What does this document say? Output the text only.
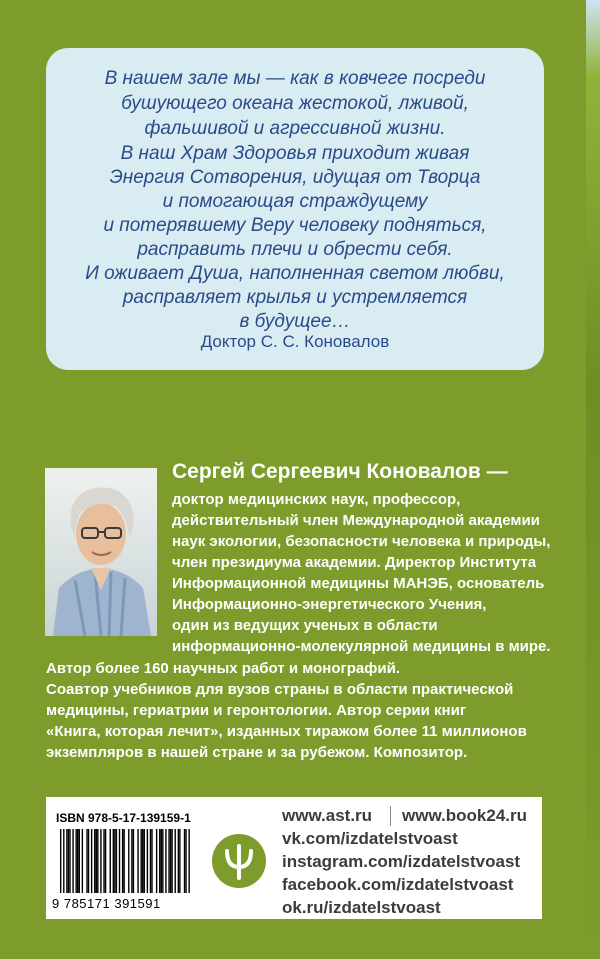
В нашем зале мы — как в ковчеге посреди
бушующего океана жестокой, лживой,
фальшивой и агрессивной жизни.
В наш Храм Здоровья приходит живая
Энергия Сотворения, идущая от Творца
и помогающая страждущему
и потерявшему Веру человеку подняться,
расправить плечи и обрести себя.
И оживает Душа, наполненная светом любви,
расправляет крылья и устремляется
в будущее…
Доктор С. С. Коновалов
Сергей Сергеевич Коновалов —
доктор медицинских наук, профессор,
действительный член Международной академии
наук экологии, безопасности человека и природы,
член президиума академии. Директор Института
Информационной медицины МАНЭБ, основатель
Информационно-энергетического Учения,
один из ведущих ученых в области
информационно-молекулярной медицины в мире.
Автор более 160 научных работ и монографий.
Соавтор учебников для вузов страны в области практической
медицины, гериатрии и геронтологии. Автор серии книг
«Книга, которая лечит», изданных тиражом более 11 миллионов
экземпляров в нашей стране и за рубежом. Композитор.
ISBN 978-5-17-139159-1
9 785171 391591
www.ast.ru www.book24.ru
vk.com/izdatelstvoast
instagram.com/izdatelstvoast
facebook.com/izdatelstvoast
ok.ru/izdatelstvoast
